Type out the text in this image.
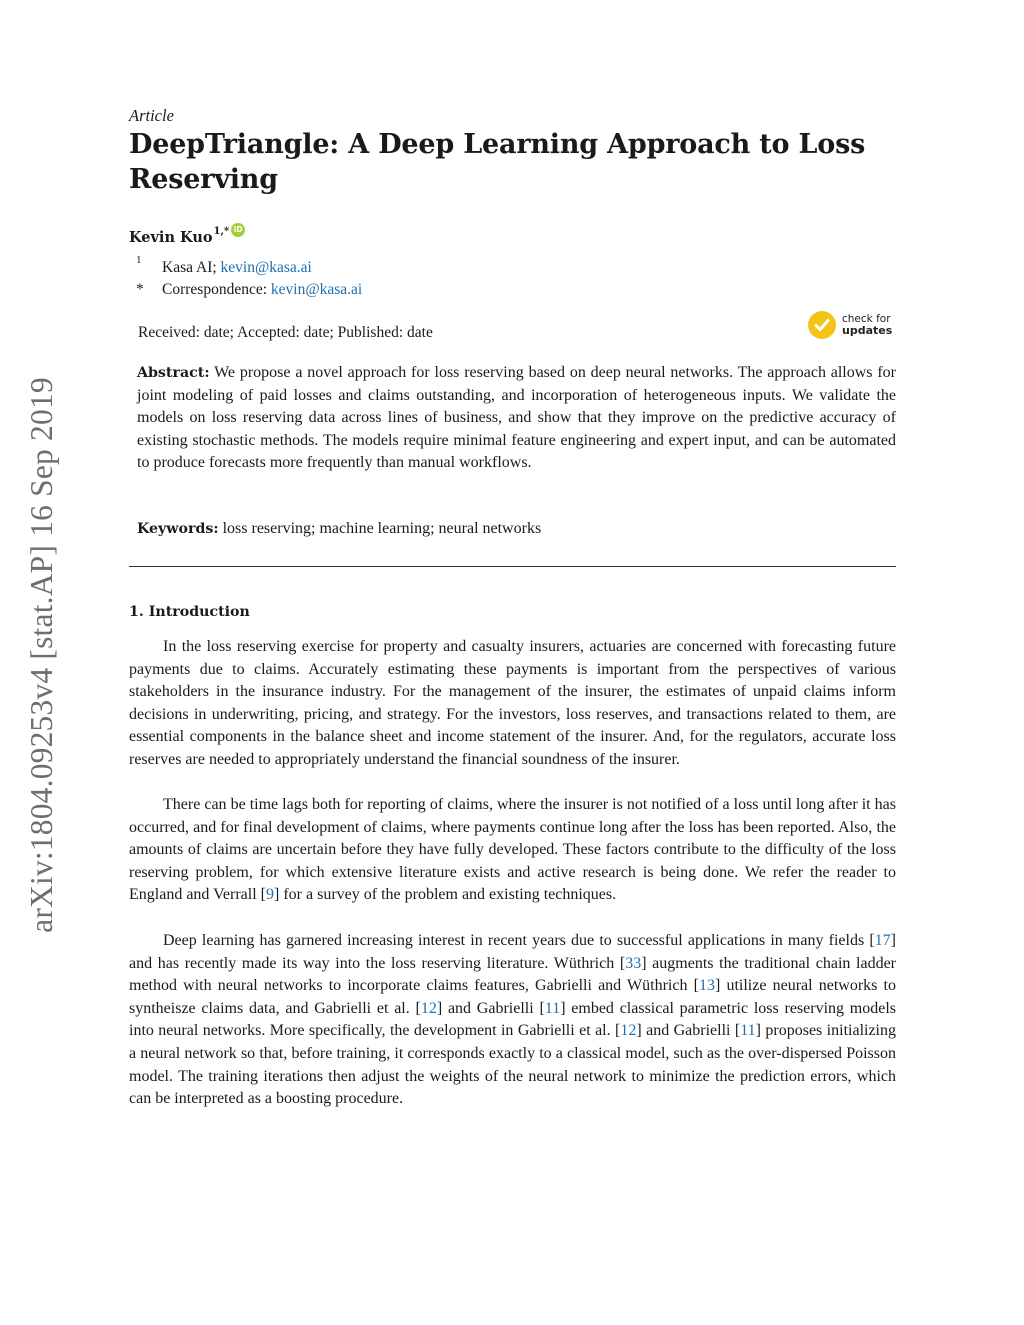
arXiv:1804.09253v4 [stat.AP] 16 Sep 2019
Article
DeepTriangle: A Deep Learning Approach to Loss Reserving
Kevin Kuo$^{1,*}$ iD
1	Kasa AI;
kevin@kasa.ai
*	Correspondence:
kevin@kasa.ai
Received: date; Accepted: date; Published: date
check for
updates

Abstract: We propose a novel approach for loss reserving based on deep neural networks. The approach allows for joint modeling of paid losses and claims outstanding, and incorporation of heterogeneous inputs. We validate the models on loss reserving data across lines of business, and show that they improve on the predictive accuracy of existing stochastic methods. The models require minimal feature engineering and expert input, and can be automated to produce forecasts more frequently than manual workflows.

Keywords: loss reserving; machine learning; neural networks

1. Introduction

In the loss reserving exercise for property and casualty insurers, actuaries are concerned with forecasting future payments due to claims. Accurately estimating these payments is important from the perspectives of various stakeholders in the insurance industry. For the management of the insurer, the estimates of unpaid claims inform decisions in underwriting, pricing, and strategy. For the investors, loss reserves, and transactions related to them, are essential components in the balance sheet and income statement of the insurer. And, for the regulators, accurate loss reserves are needed to appropriately understand the financial soundness of the insurer.

There can be time lags both for reporting of claims, where the insurer is not notified of a loss until long after it has occurred, and for final development of claims, where payments continue long after the loss has been reported. Also, the amounts of claims are uncertain before they have fully developed. These factors contribute to the difficulty of the loss reserving problem, for which extensive literature exists and active research is being done. We refer the reader to England and Verrall [9] for a survey of the problem and existing techniques.

Deep learning has garnered increasing interest in recent years due to successful applications in many fields [17] and has recently made its way into the loss reserving literature. Wüthrich [33] augments the traditional chain ladder method with neural networks to incorporate claims features, Gabrielli and Wüthrich [13] utilize neural networks to syntheisze claims data, and Gabrielli et al. [12] and Gabrielli [11] embed classical parametric loss reserving models into neural networks. More specifically, the development in Gabrielli et al. [12] and Gabrielli [11] proposes initializing a neural network so that, before training, it corresponds exactly to a classical model, such as the over-dispersed Poisson model. The training iterations then adjust the weights of the neural network to minimize the prediction errors, which can be interpreted as a boosting procedure.
